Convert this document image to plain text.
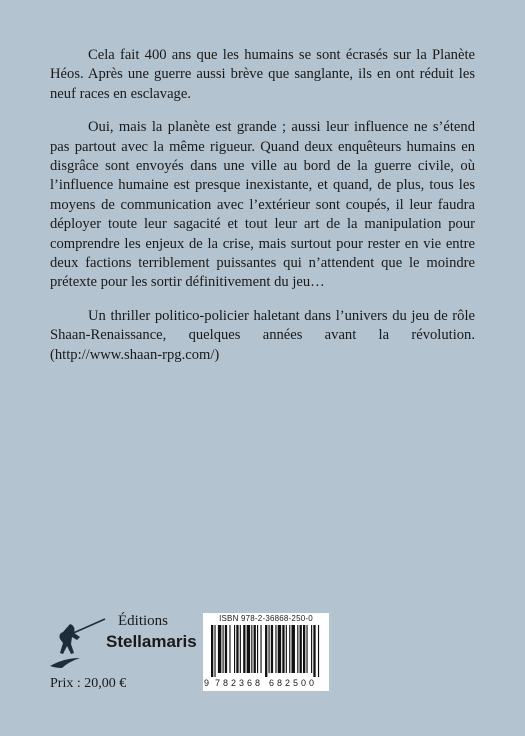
Cela fait 400 ans que les humains se sont écrasés sur la Planète Héos. Après une guerre aussi brève que sanglante, ils en ont réduit les neuf races en esclavage.

Oui, mais la planète est grande ; aussi leur influence ne s’étend pas partout avec la même rigueur. Quand deux enquêteurs humains en disgrâce sont envoyés dans une ville au bord de la guerre civile, où l’influence humaine est presque inexistante, et quand, de plus, tous les moyens de communication avec l’extérieur sont coupés, il leur faudra déployer toute leur sagacité et tout leur art de la manipulation pour comprendre les enjeux de la crise, mais surtout pour rester en vie entre deux factions terriblement puissantes qui n’attendent que le moindre prétexte pour les sortir définitivement du jeu…

Un thriller politico-policier haletant dans l’univers du jeu de rôle Shaan-Renaissance, quelques années avant la révolution. (http://www.shaan-rpg.com/)

Éditions
Stellamaris
Prix : 20,00 €
ISBN 978-2-36868-250-0
9 7 8 2 3 6 8 6 8 2 5 0 0
